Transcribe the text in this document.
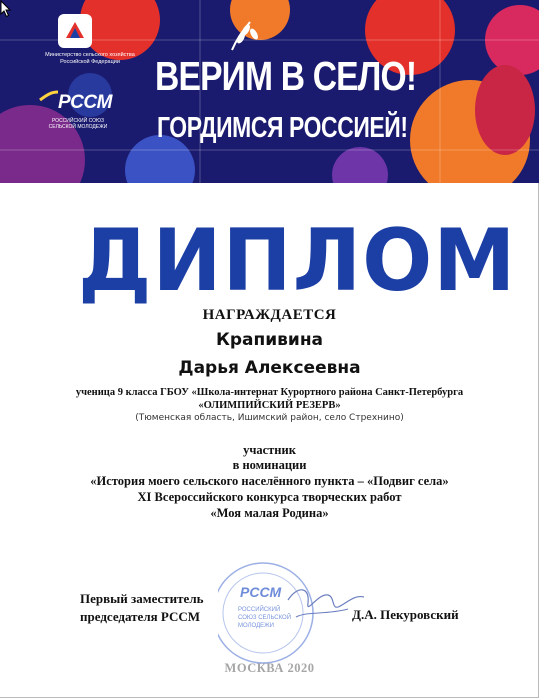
Министерство сельского хозяйства Российской Федерации
РССМ
РОССИЙСКИЙ СОЮЗ СЕЛЬСКОЙ МОЛОДЕЖИ
ВЕРИМ В СЕЛО!
ГОРДИМСЯ РОССИЕЙ!
ДИПЛОМ
НАГРАЖДАЕТСЯ
Крапивина
Дарья Алексеевна
ученица 9 класса ГБОУ «Школа-интернат Курортного района Санкт-Петербурга
«ОЛИМПИЙСКИЙ РЕЗЕРВ»
(Тюменская область, Ишимский район, село Стрехнино)
участник
в номинации
«История моего сельского населённого пункта – «Подвиг села»
XI Всероссийского конкурса творческих работ
«Моя малая Родина»
РССМ
РОССИЙСКИЙ
СОЮЗ СЕЛЬСКОЙ
МОЛОДЕЖИ
Первый заместитель
председателя РССМ	Д.А. Пекуровский
МОСКВА 2020
